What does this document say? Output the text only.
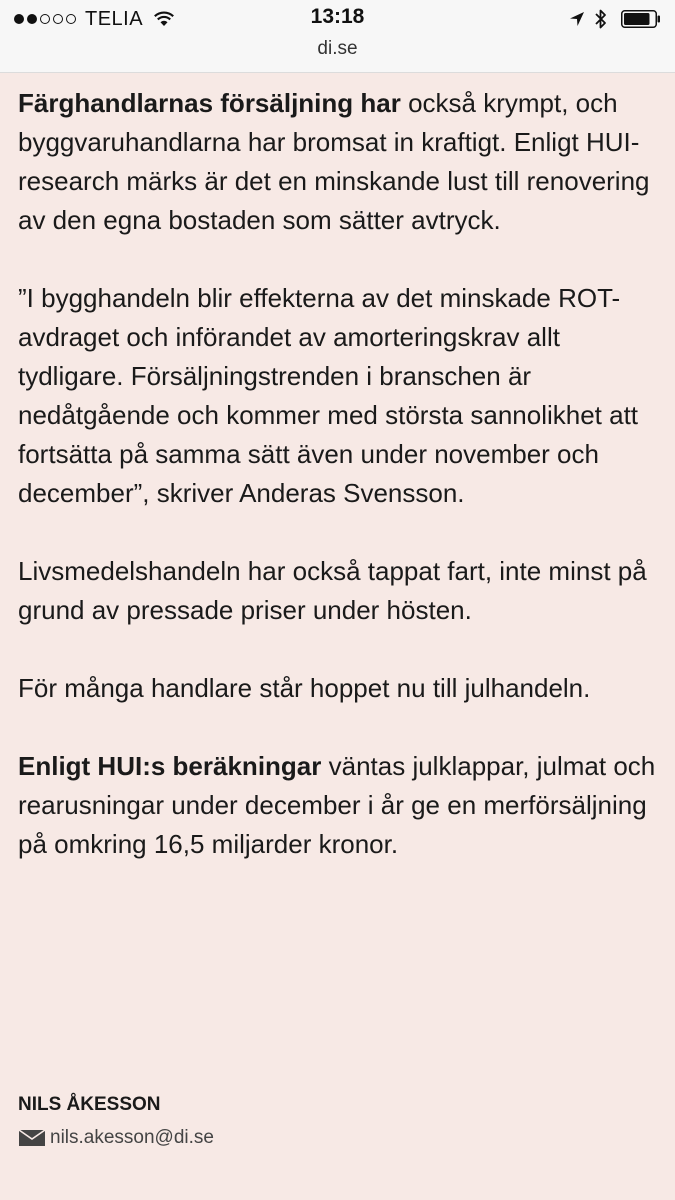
TELIA	13:18
di.se

Färghandlarnas försäljning har också krympt, och byggvaruhandlarna har bromsat in kraftigt. Enligt HUI-research märks är det en minskande lust till renovering av den egna bostaden som sätter avtryck.

”I bygghandeln blir effekterna av det minskade ROT-avdraget och införandet av amorteringskrav allt tydligare. Försäljningstrenden i branschen är nedåtgående och kommer med största sannolikhet att fortsätta på samma sätt även under november och december”, skriver Anderas Svensson.

Livsmedelshandeln har också tappat fart, inte minst på grund av pressade priser under hösten.

För många handlare står hoppet nu till julhandeln.

Enligt HUI:s beräkningar väntas julklappar, julmat och rearusningar under december i år ge en merförsäljning på omkring 16,5 miljarder kronor.

NILS ÅKESSON
nils.akesson@di.se
